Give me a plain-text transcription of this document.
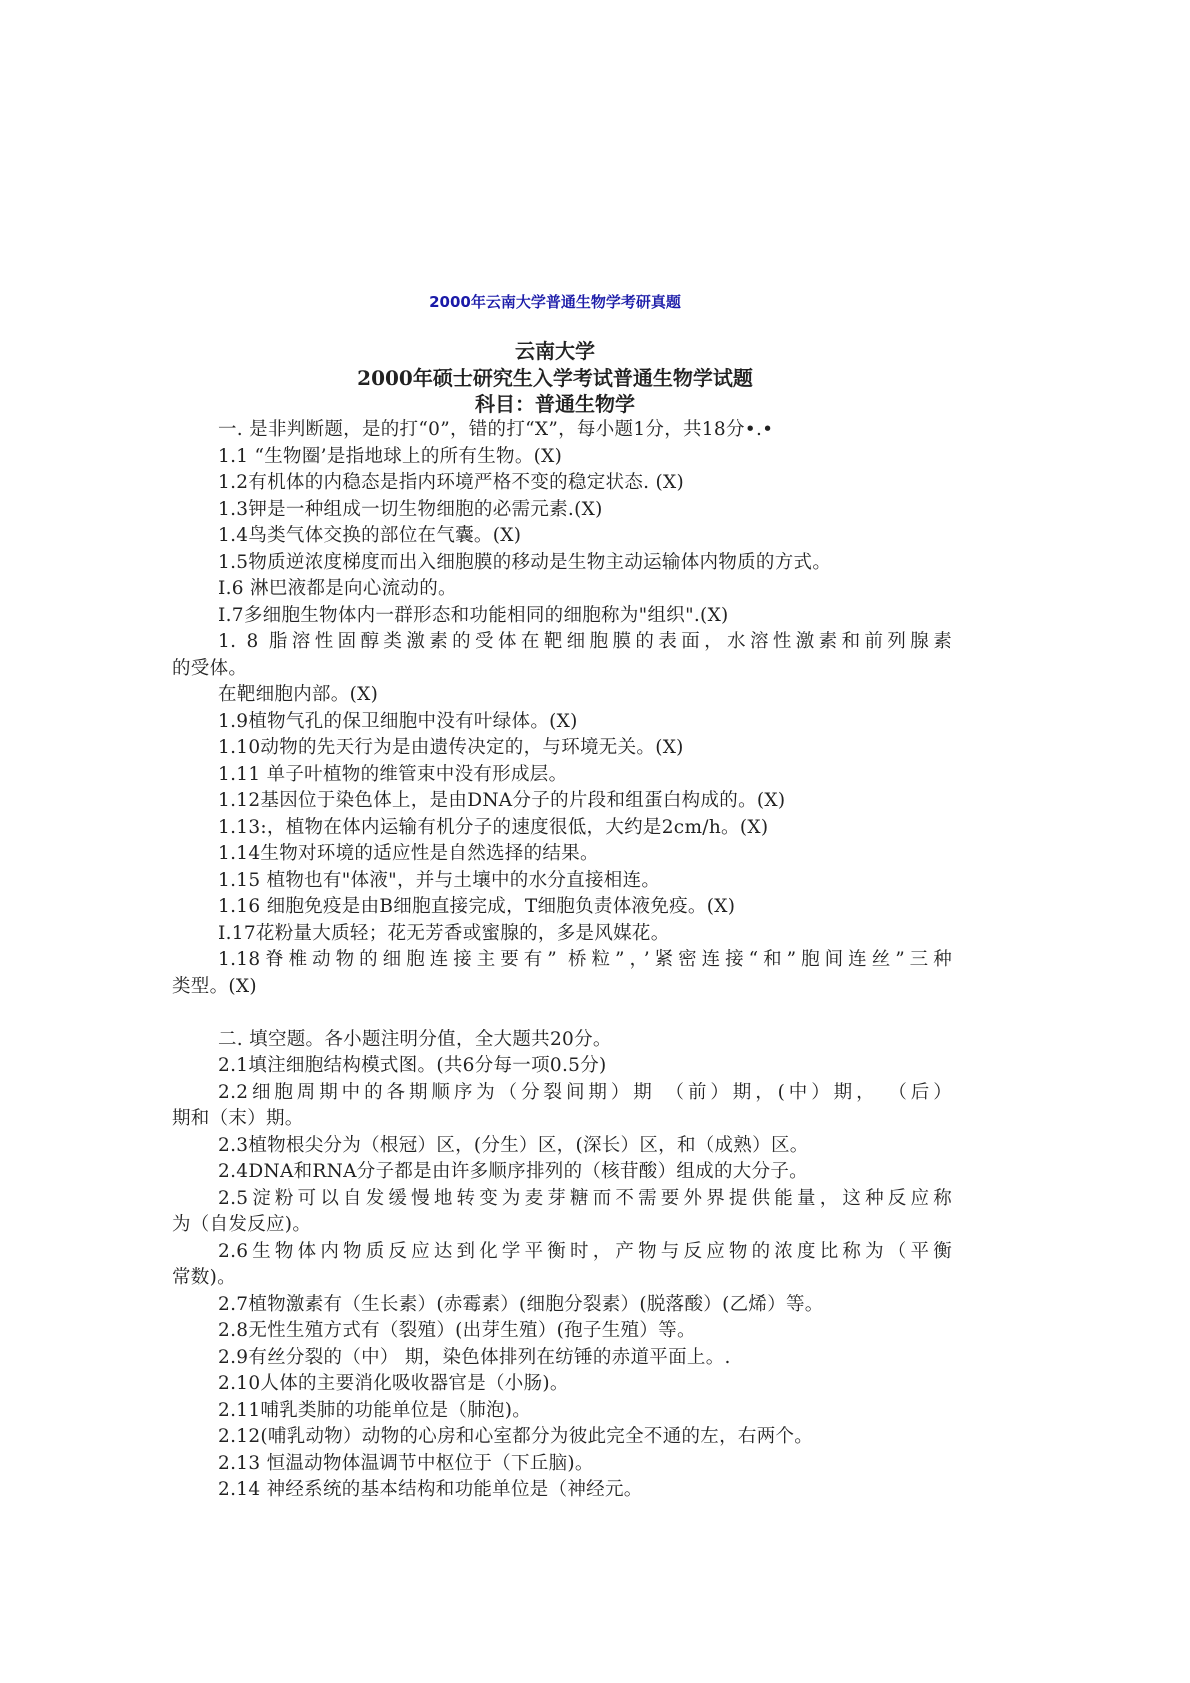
2000年云南大学普通生物学考研真题
云南大学
2000年硕士研究生入学考试普通生物学试题
科目：普通生物学
一. 是非判断题，是的打“0”，错的打“X”，每小题1分，共18分•.•
1.1 “生物圈’是指地球上的所有生物。(X)
1.2有机体的内稳态是指内环境严格不变的稳定状态. (X)
1.3钾是一种组成一切生物细胞的必需元素.(X)
1.4鸟类气体交换的部位在气囊。(X)
1.5物质逆浓度梯度而出入细胞膜的移动是生物主动运输体内物质的方式。
I.6 淋巴液都是向心流动的。
I.7多细胞生物体内一群形态和功能相同的细胞称为"组织".(X)
1. 8 脂溶性固醇类激素的受体在靶细胞膜的表面，水溶性激素和前列腺素
的受体。
在靶细胞内部。(X)
1.9植物气孔的保卫细胞中没有叶绿体。(X)
1.10动物的先天行为是由遗传决定的，与环境无关。(X)
1.11 单子叶植物的维管束中没有形成层。
1.12基因位于染色体上，是由DNA分子的片段和组蛋白构成的。(X)
1.13:，植物在体内运输有机分子的速度很低，大约是2cm/h。(X)
1.14生物对环境的适应性是自然选择的结果。
1.15 植物也有"体液"，并与土壤中的水分直接相连。
1.16 细胞免疫是由B细胞直接完成，T细胞负责体液免疫。(X)
I.17花粉量大质轻；花无芳香或蜜腺的，多是风媒花。
1.18脊椎动物的细胞连接主要有” 桥粒”，’紧密连接“和”胞间连丝”三种
类型。(X)
二. 填空题。各小题注明分值，全大题共20分。
2.1填注细胞结构模式图。(共6分每一项0.5分)
2.2细胞周期中的各期顺序为（分裂间期）期 （前）期，(中）期， （后）
期和（末）期。
2.3植物根尖分为（根冠）区，(分生）区，(深长）区，和（成熟）区。
2.4DNA和RNA分子都是由许多顺序排列的（核苷酸）组成的大分子。
2.5淀粉可以自发缓慢地转变为麦芽糖而不需要外界提供能量，这种反应称
为（自发反应)。
2.6生物体内物质反应达到化学平衡时，产物与反应物的浓度比称为（平衡
常数)。
2.7植物激素有（生长素）(赤霉素）(细胞分裂素）(脱落酸）(乙烯）等。
2.8无性生殖方式有（裂殖）(出芽生殖）(孢子生殖）等。
2.9有丝分裂的（中） 期，染色体排列在纺锤的赤道平面上。.
2.10人体的主要消化吸收器官是（小肠)。
2.11哺乳类肺的功能单位是（肺泡)。
2.12(哺乳动物）动物的心房和心室都分为彼此完全不通的左，右两个。
2.13 恒温动物体温调节中枢位于（下丘脑)。
2.14 神经系统的基本结构和功能单位是（神经元。
